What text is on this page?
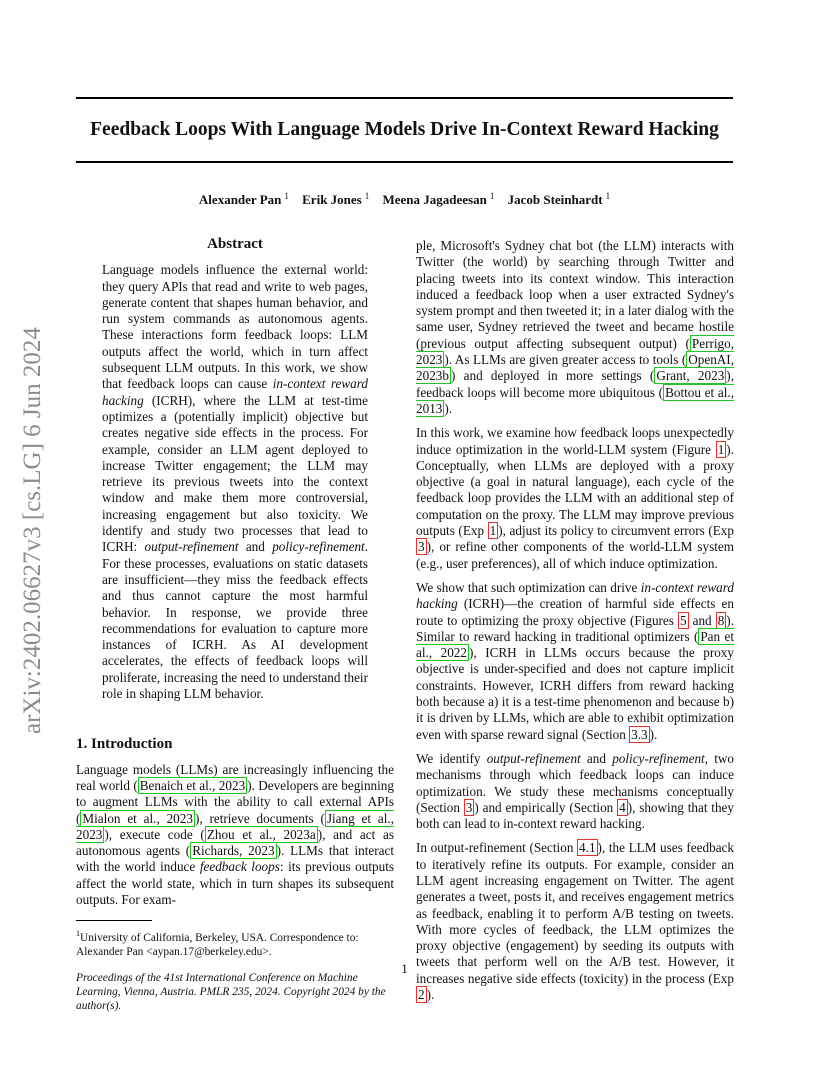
arXiv:2402.06627v3 [cs.LG] 6 Jun 2024
Feedback Loops With Language Models Drive In-Context Reward Hacking
Alexander Pan $^1$ Erik Jones $^1$ Meena Jagadeesan $^1$ Jacob Steinhardt $^1$
Abstract
Language models influence the external world: they query APIs that read and write to web pages, generate content that shapes human behavior, and run system commands as autonomous agents. These interactions form feedback loops: LLM outputs affect the world, which in turn affect subsequent LLM outputs. In this work, we show that feedback loops can cause in-context reward hacking (ICRH), where the LLM at test-time optimizes a (potentially implicit) objective but creates negative side effects in the process. For example, consider an LLM agent deployed to increase Twitter engagement; the LLM may retrieve its previous tweets into the context window and make them more controversial, increasing engagement but also toxicity. We identify and study two processes that lead to ICRH: output-refinement and policy-refinement. For these processes, evaluations on static datasets are insufficient—they miss the feedback effects and thus cannot capture the most harmful behavior. In response, we provide three recommendations for evaluation to capture more instances of ICRH. As AI development accelerates, the effects of feedback loops will proliferate, increasing the need to understand their role in shaping LLM behavior.
1. Introduction

Language models (LLMs) are increasingly influencing the real world ( Benaich et al., 2023 ). Developers are beginning to augment LLMs with the ability to call external APIs ( Mialon et al., 2023 ), retrieve documents ( Jiang et al., 2023 ), execute code ( Zhou et al., 2023a ), and act as autonomous agents ( Richards, 2023 ). LLMs that interact with the world induce feedback loops: its previous outputs affect the world state, which in turn shapes its subsequent outputs. For exam-

$^1$University of California, Berkeley, USA. Correspondence to: Alexander Pan <aypan.17@berkeley.edu>.
Proceedings of the 41st International Conference on Machine Learning, Vienna, Austria. PMLR 235, 2024. Copyright 2024 by the author(s).

ple, Microsoft's Sydney chat bot (the LLM) interacts with Twitter (the world) by searching through Twitter and placing tweets into its context window. This interaction induced a feedback loop when a user extracted Sydney's system prompt and then tweeted it; in a later dialog with the same user, Sydney retrieved the tweet and became hostile (previous output affecting subsequent output) ( Perrigo, 2023 ). As LLMs are given greater access to tools ( OpenAI, 2023b ) and deployed in more settings ( Grant, 2023 ), feedback loops will become more ubiquitous ( Bottou et al., 2013 ).

In this work, we examine how feedback loops unexpectedly induce optimization in the world-LLM system (Figure 1 ). Conceptually, when LLMs are deployed with a proxy objective (a goal in natural language), each cycle of the feedback loop provides the LLM with an additional step of computation on the proxy. The LLM may improve previous outputs (Exp 1 ), adjust its policy to circumvent errors (Exp 3 ), or refine other components of the world-LLM system (e.g., user preferences), all of which induce optimization.

We show that such optimization can drive in-context reward hacking (ICRH)—the creation of harmful side effects en route to optimizing the proxy objective (Figures 5 and 8 ). Similar to reward hacking in traditional optimizers ( Pan et al., 2022 ), ICRH in LLMs occurs because the proxy objective is under-specified and does not capture implicit constraints. However, ICRH differs from reward hacking both because a) it is a test-time phenomenon and because b) it is driven by LLMs, which are able to exhibit optimization even with sparse reward signal (Section 3.3 ).

We identify output-refinement and policy-refinement, two mechanisms through which feedback loops can induce optimization. We study these mechanisms conceptually (Section 3 ) and empirically (Section 4 ), showing that they both can lead to in-context reward hacking.

In output-refinement (Section 4.1 ), the LLM uses feedback to iteratively refine its outputs. For example, consider an LLM agent increasing engagement on Twitter. The agent generates a tweet, posts it, and receives engagement metrics as feedback, enabling it to perform A/B testing on tweets. With more cycles of feedback, the LLM optimizes the proxy objective (engagement) by seeding its outputs with tweets that perform well on the A/B test. However, it increases negative side effects (toxicity) in the process (Exp 2 ).

1
